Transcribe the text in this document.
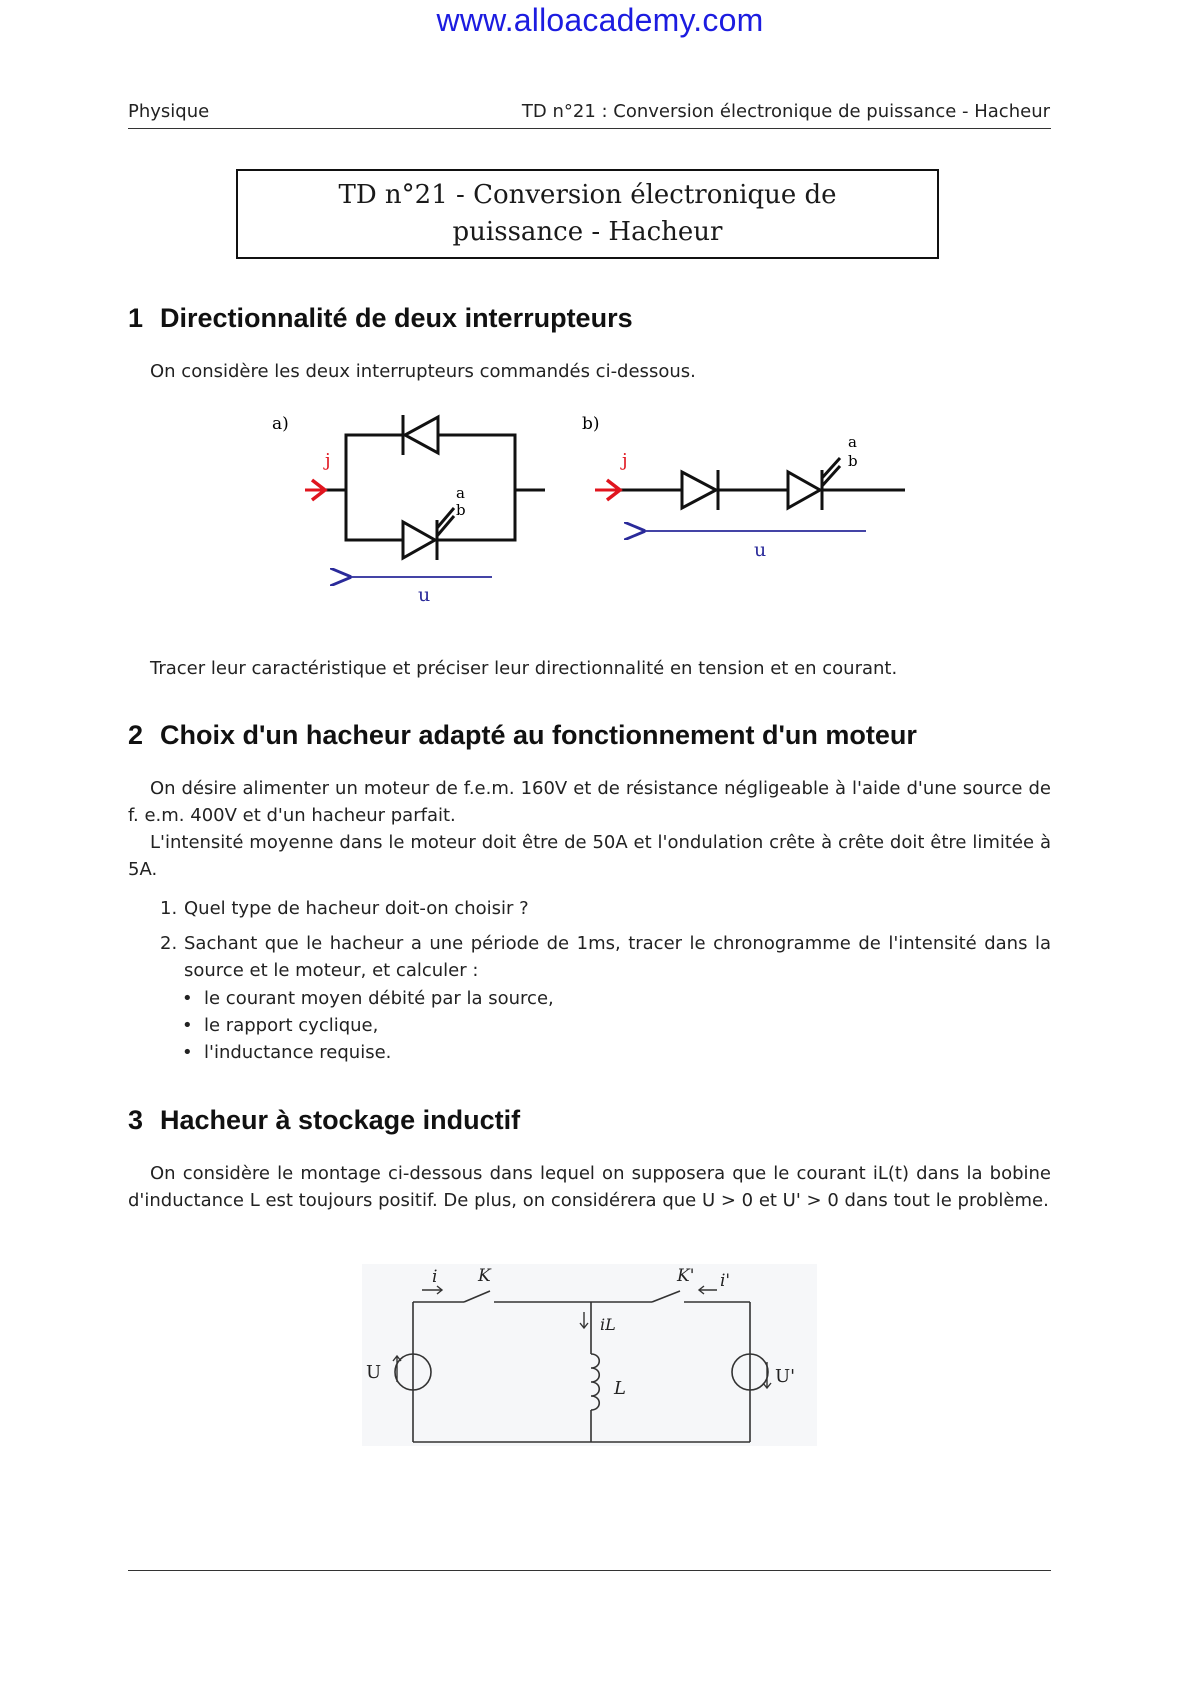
www.alloacademy.com
Physique	TD n°21 : Conversion électronique de puissance - Hacheur
TD n°21 - Conversion électronique de
puissance - Hacheur
1 Directionnalité de deux interrupteurs
On considère les deux interrupteurs commandés ci-dessous.
a)
a
b
j
u
b)
a
b
j
u
Tracer leur caractéristique et préciser leur directionnalité en tension et en courant.
2 Choix d'un hacheur adapté au fonctionnement d'un moteur
On désire alimenter un moteur de f.e.m. 160V et de résistance négligeable à l'aide d'une source de f. e.m. 400V et d'un hacheur parfait.
L'intensité moyenne dans le moteur doit être de 50A et l'ondulation crête à crête doit être limitée à 5A.
1. Quel type de hacheur doit-on choisir ?
2. Sachant que le hacheur a une période de 1ms, tracer le chronogramme de l'intensité dans la source et le moteur, et calculer :
• le courant moyen débité par la source,
• le rapport cyclique,
• l'inductance requise.
3 Hacheur à stockage inductif
On considère le montage ci-dessous dans lequel on supposera que le courant iL(t) dans la bobine d'inductance L est toujours positif. De plus, on considérera que U > 0 et U' > 0 dans tout le problème.
i K	K' i'
iL
L
U	U'
